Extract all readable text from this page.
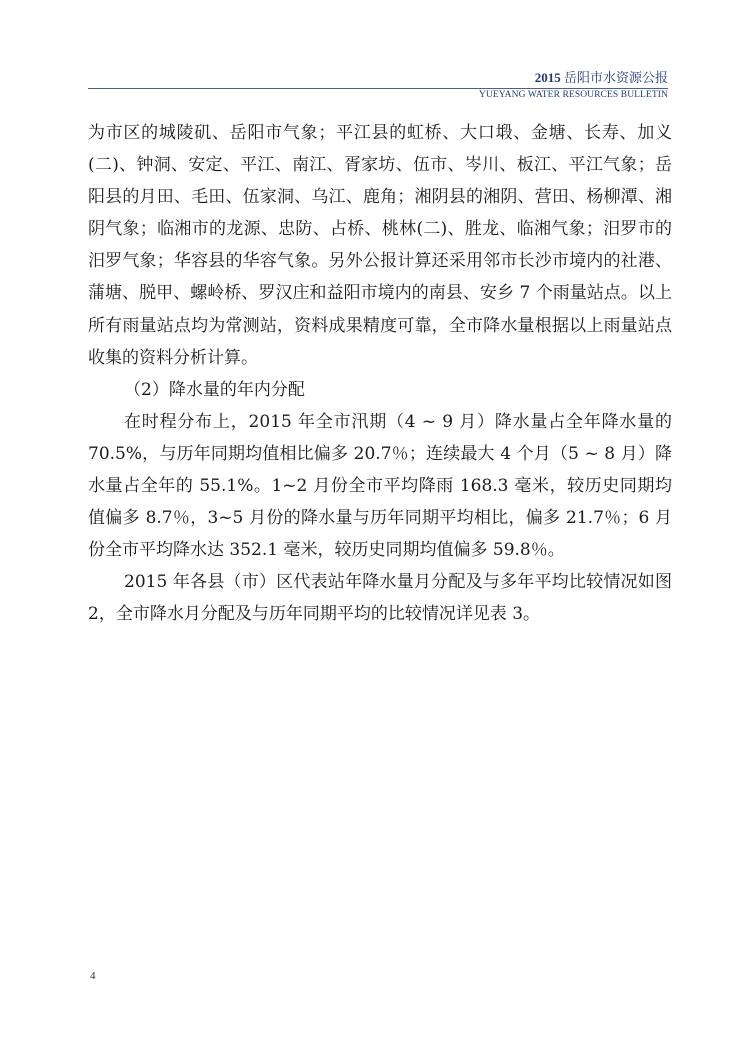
2015 岳阳市水资源公报
YUEYANG WATER RESOURCES BULLETIN

为市区的城陵矶、岳阳市气象；平江县的虹桥、大口塅、金塘、长寿、加义(二)、钟洞、安定、平江、南江、胥家坊、伍市、岑川、板江、平江气象；岳阳县的月田、毛田、伍家洞、乌江、鹿角；湘阴县的湘阴、营田、杨柳潭、湘阴气象；临湘市的龙源、忠防、占桥、桃林(二)、胜龙、临湘气象；汨罗市的汨罗气象；华容县的华容气象。另外公报计算还采用邻市长沙市境内的社港、蒲塘、脱甲、螺岭桥、罗汉庄和益阳市境内的南县、安乡 7 个雨量站点。以上所有雨量站点均为常测站，资料成果精度可靠，全市降水量根据以上雨量站点收集的资料分析计算。

（2）降水量的年内分配

在时程分布上，2015 年全市汛期（4 ~ 9 月）降水量占全年降水量的 70.5%，与历年同期均值相比偏多 20.7％；连续最大 4 个月（5 ~ 8 月）降水量占全年的 55.1%。1~2 月份全市平均降雨 168.3 毫米，较历史同期均值偏多 8.7％，3~5 月份的降水量与历年同期平均相比，偏多 21.7％；6 月份全市平均降水达 352.1 毫米，较历史同期均值偏多 59.8％。

2015 年各县（市）区代表站年降水量月分配及与多年平均比较情况如图 2，全市降水月分配及与历年同期平均的比较情况详见表 3。

4
